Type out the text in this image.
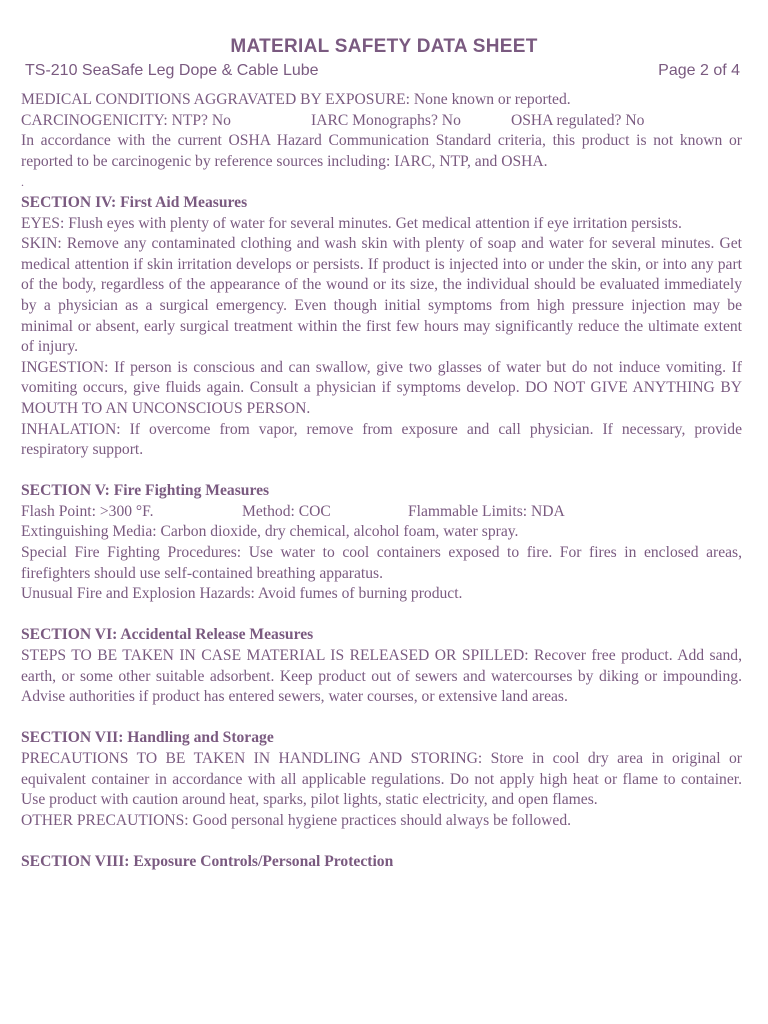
MATERIAL SAFETY DATA SHEET
TS-210 SeaSafe Leg Dope & Cable Lube	Page 2 of 4

MEDICAL CONDITIONS AGGRAVATED BY EXPOSURE: None known or reported.

CARCINOGENICITY: NTP? No	IARC Monographs? No	OSHA regulated? No

In accordance with the current OSHA Hazard Communication Standard criteria, this product is not known or reported to be carcinogenic by reference sources including: IARC, NTP, and OSHA.

.

SECTION IV: First Aid Measures

EYES: Flush eyes with plenty of water for several minutes. Get medical attention if eye irritation persists.

SKIN: Remove any contaminated clothing and wash skin with plenty of soap and water for several minutes. Get medical attention if skin irritation develops or persists. If product is injected into or under the skin, or into any part of the body, regardless of the appearance of the wound or its size, the individual should be evaluated immediately by a physician as a surgical emergency. Even though initial symptoms from high pressure injection may be minimal or absent, early surgical treatment within the first few hours may significantly reduce the ultimate extent of injury.

INGESTION: If person is conscious and can swallow, give two glasses of water but do not induce vomiting. If vomiting occurs, give fluids again. Consult a physician if symptoms develop. DO NOT GIVE ANYTHING BY MOUTH TO AN UNCONSCIOUS PERSON.

INHALATION: If overcome from vapor, remove from exposure and call physician. If necessary, provide respiratory support.

SECTION V: Fire Fighting Measures

Flash Point: >300 °F.	Method: COC	Flammable Limits: NDA

Extinguishing Media: Carbon dioxide, dry chemical, alcohol foam, water spray.

Special Fire Fighting Procedures: Use water to cool containers exposed to fire. For fires in enclosed areas, firefighters should use self-contained breathing apparatus.

Unusual Fire and Explosion Hazards: Avoid fumes of burning product.

SECTION VI: Accidental Release Measures

STEPS TO BE TAKEN IN CASE MATERIAL IS RELEASED OR SPILLED: Recover free product. Add sand, earth, or some other suitable adsorbent. Keep product out of sewers and watercourses by diking or impounding. Advise authorities if product has entered sewers, water courses, or extensive land areas.

SECTION VII: Handling and Storage

PRECAUTIONS TO BE TAKEN IN HANDLING AND STORING: Store in cool dry area in original or equivalent container in accordance with all applicable regulations. Do not apply high heat or flame to container. Use product with caution around heat, sparks, pilot lights, static electricity, and open flames.

OTHER PRECAUTIONS: Good personal hygiene practices should always be followed.

SECTION VIII: Exposure Controls/Personal Protection
